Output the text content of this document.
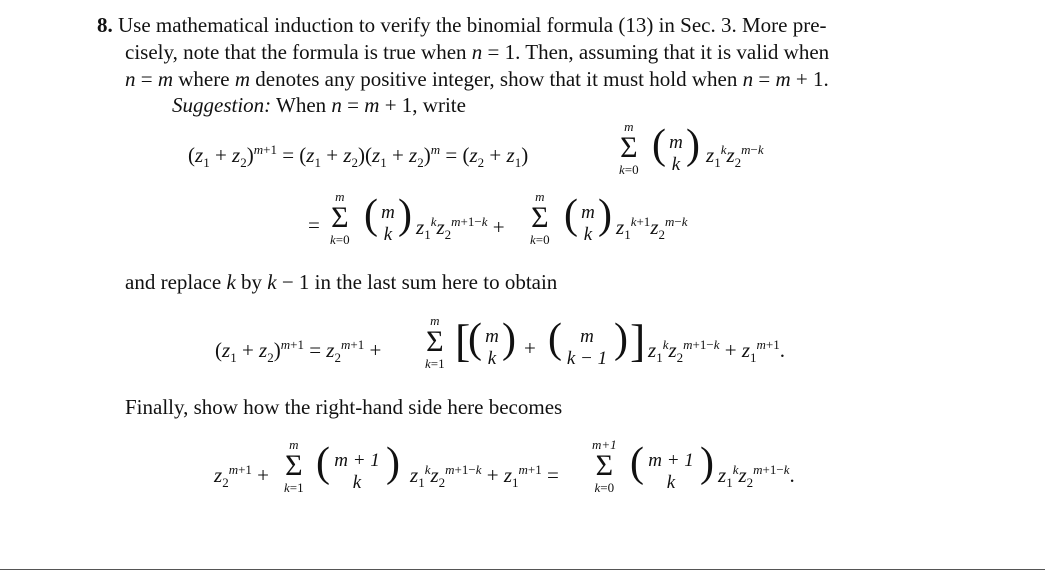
8. Use mathematical induction to verify the binomial formula (13) in Sec. 3. More pre-
cisely, note that the formula is true when n = 1. Then, assuming that it is valid when
n = m where m denotes any positive integer, show that it must hold when n = m + 1.
Suggestion: When n = m + 1, write
$(z_1 + z_2)^{m+1} = (z_1 + z_2)(z_1 + z_2)^m = (z_2 + z_1)$
m
Σ
k=0
( m
k ) $z_1^kz_2^{m-k}$
=
m
Σ
k=0
( m
k ) $z_1^kz_2^{m+1-k}$ +
m
Σ
k=0
( m
k ) $z_1^{k+1}z_2^{m-k}$
and replace k by k − 1 in the last sum here to obtain
$(z_1 + z_2)^{m+1} = z_2^{m+1}$ +
m
Σ
k=1 [
( m
k ) + ( m
k − 1 ) ] $z_1^kz_2^{m+1-k} + z_1^{m+1}$.
Finally, show how the right-hand side here becomes
$z_2^{m+1}$ +
m
Σ
k=1
( m + 1
k ) $z_1^kz_2^{m+1-k} + z_1^{m+1}$ =
m+1
Σ
k=0
( m + 1
k ) $z_1^kz_2^{m+1-k}$.
